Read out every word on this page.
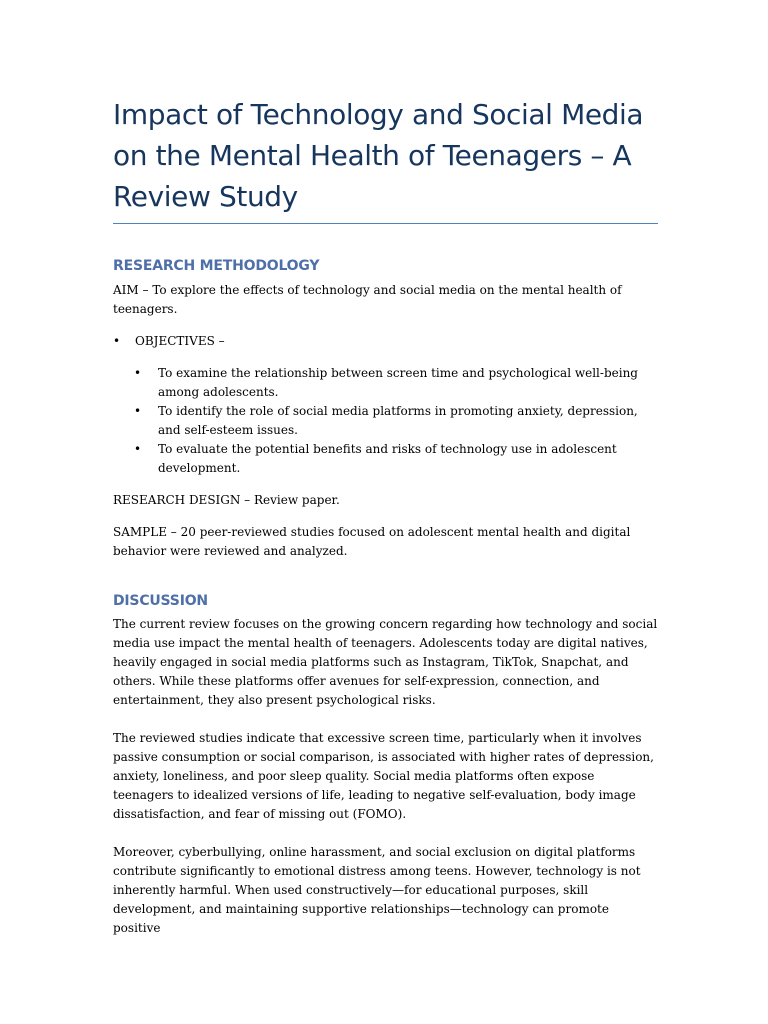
Impact of Technology and Social Media on the Mental Health of Teenagers – A Review Study
RESEARCH METHODOLOGY

AIM – To explore the effects of technology and social media on the mental health of teenagers.

• OBJECTIVES –
• To examine the relationship between screen time and psychological well-being among adolescents.
• To identify the role of social media platforms in promoting anxiety, depression, and self-esteem issues.
• To evaluate the potential benefits and risks of technology use in adolescent development.

RESEARCH DESIGN – Review paper.

SAMPLE – 20 peer-reviewed studies focused on adolescent mental health and digital behavior were reviewed and analyzed.

DISCUSSION

The current review focuses on the growing concern regarding how technology and social media use impact the mental health of teenagers. Adolescents today are digital natives, heavily engaged in social media platforms such as Instagram, TikTok, Snapchat, and others. While these platforms offer avenues for self-expression, connection, and entertainment, they also present psychological risks.

The reviewed studies indicate that excessive screen time, particularly when it involves passive consumption or social comparison, is associated with higher rates of depression, anxiety, loneliness, and poor sleep quality. Social media platforms often expose teenagers to idealized versions of life, leading to negative self-evaluation, body image dissatisfaction, and fear of missing out (FOMO).

Moreover, cyberbullying, online harassment, and social exclusion on digital platforms contribute significantly to emotional distress among teens. However, technology is not inherently harmful. When used constructively—for educational purposes, skill development, and maintaining supportive relationships—technology can promote positive
